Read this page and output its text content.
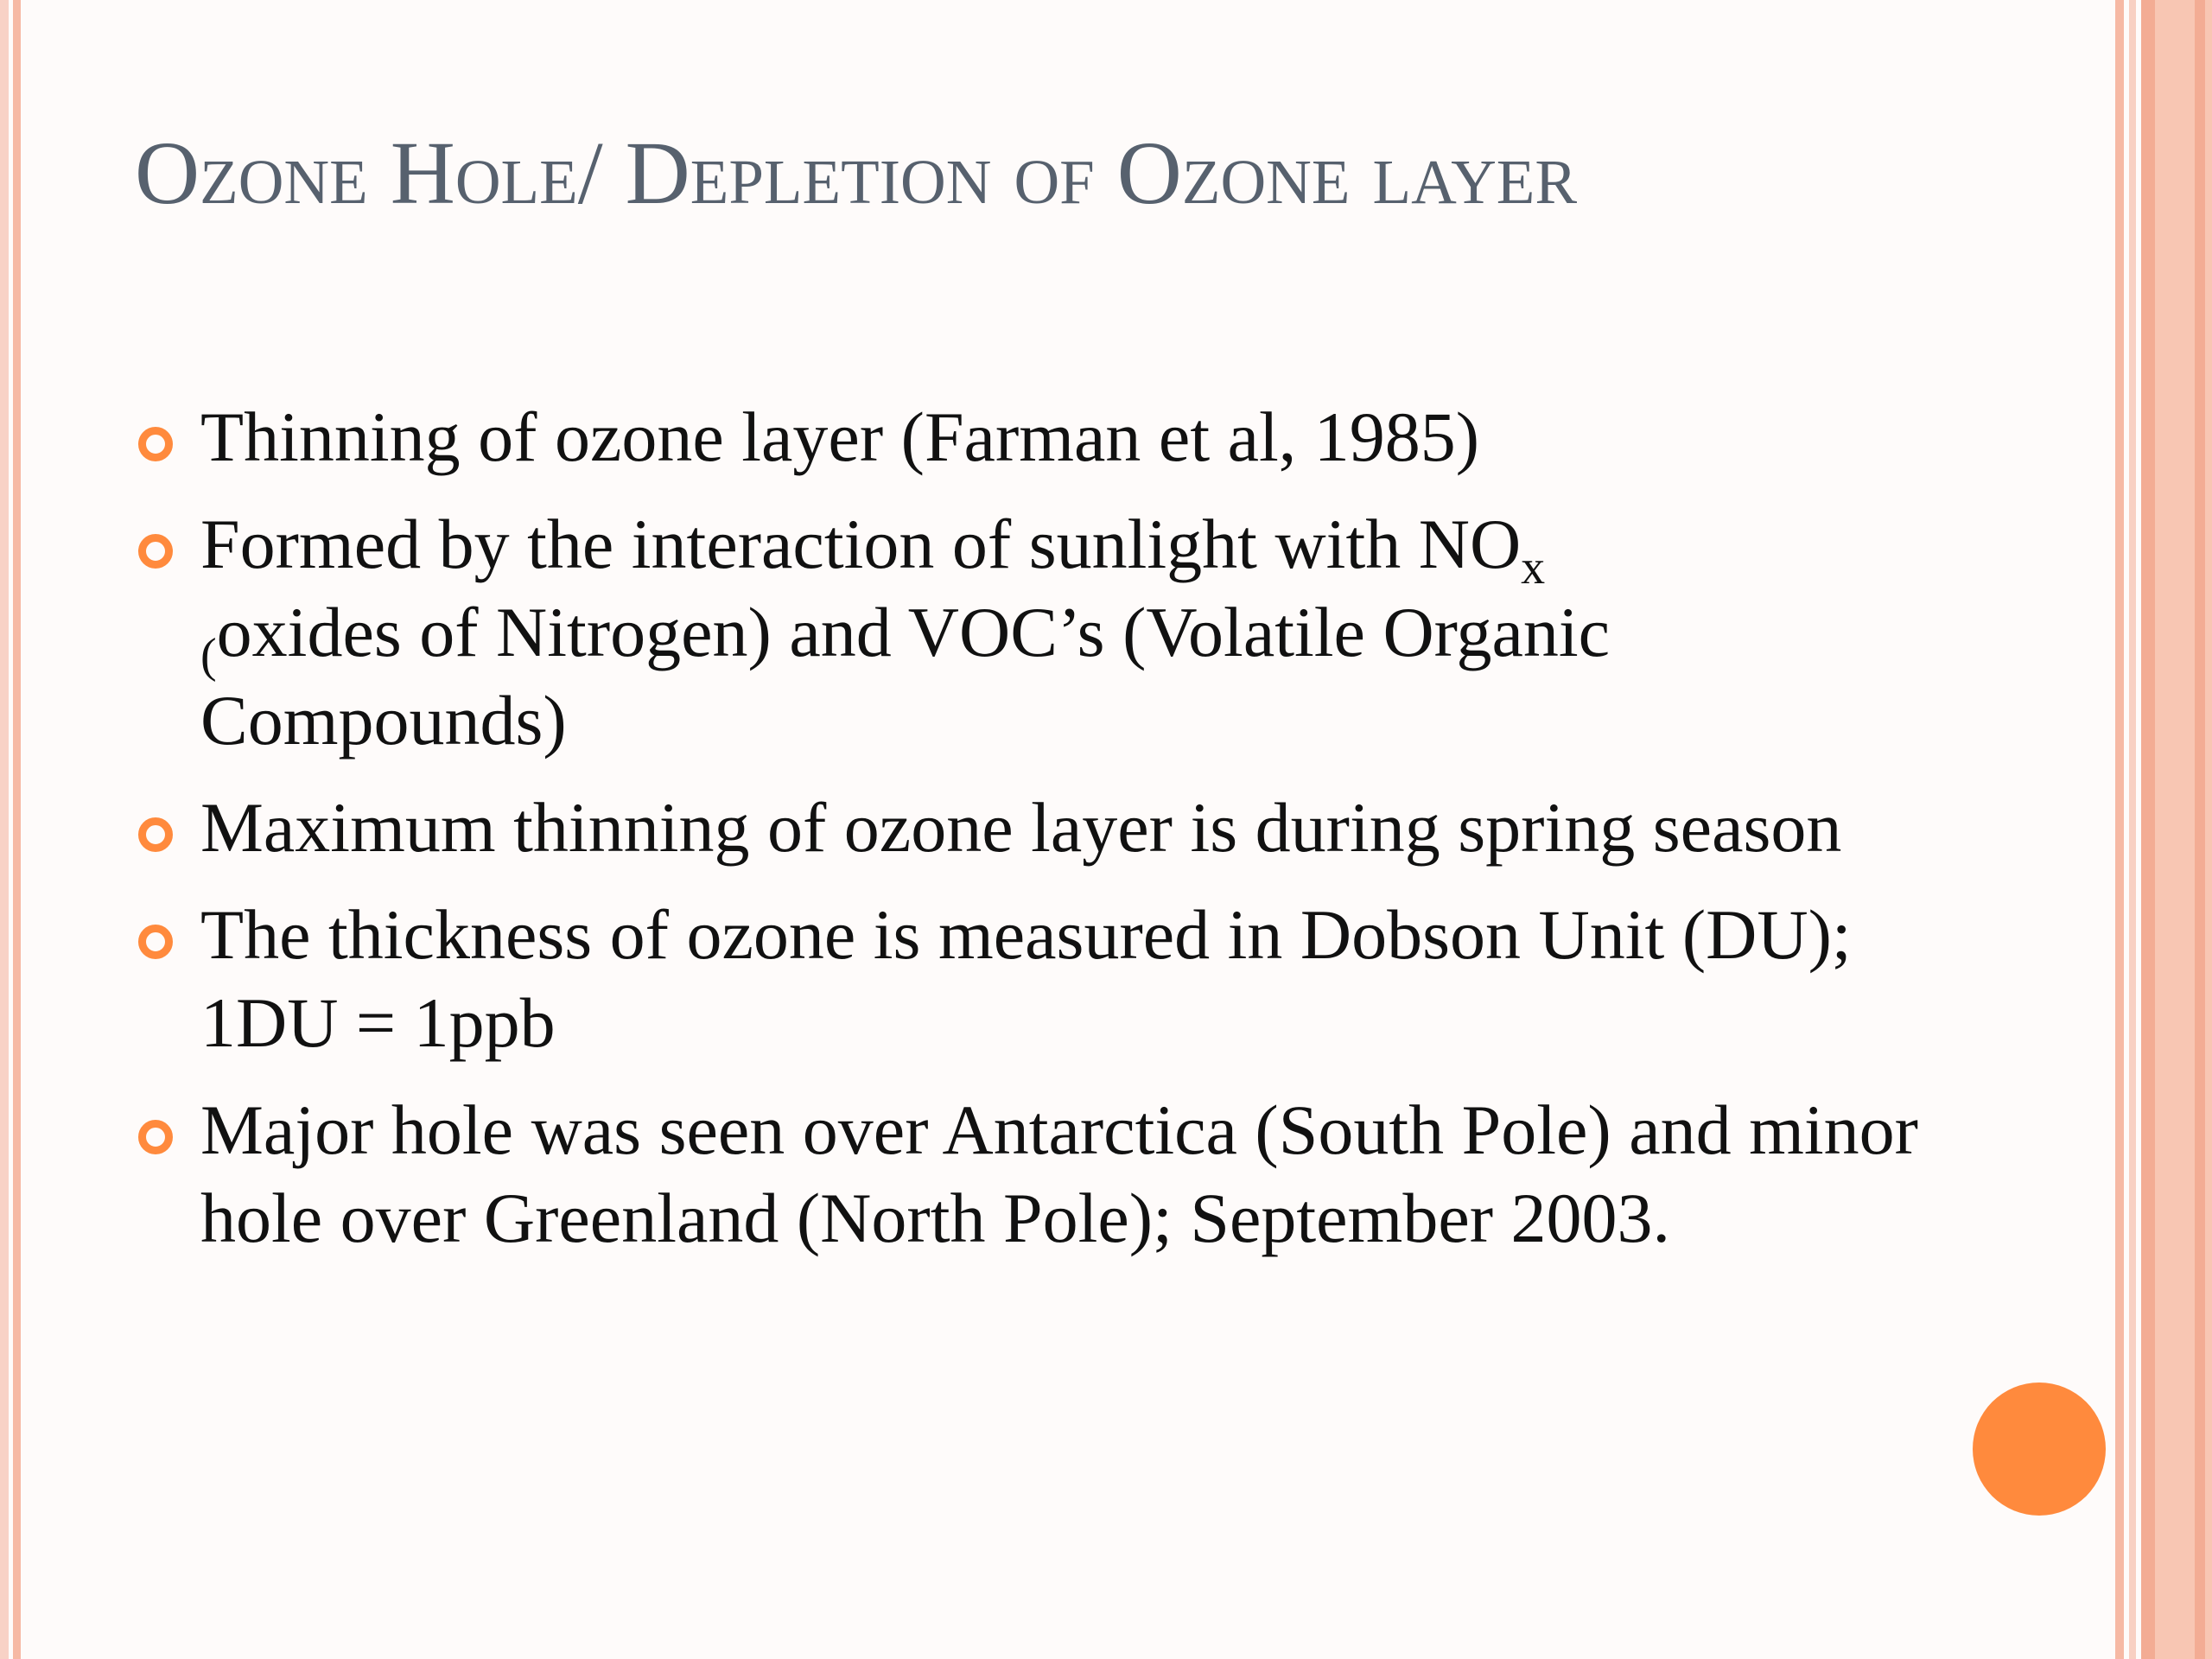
Ozone Hole/ Depletion of Ozone layer
Thinning of ozone layer (Farman et al, 1985)
Formed by the interaction of sunlight with $NO_x$
$_($oxides of Nitrogen) and VOC’s (Volatile Organic Compounds)
Maximum thinning of ozone layer is during spring season
The thickness of ozone is measured in Dobson Unit (DU); 1DU = 1ppb
Major hole was seen over Antarctica (South Pole) and minor hole over Greenland (North Pole); September 2003.
